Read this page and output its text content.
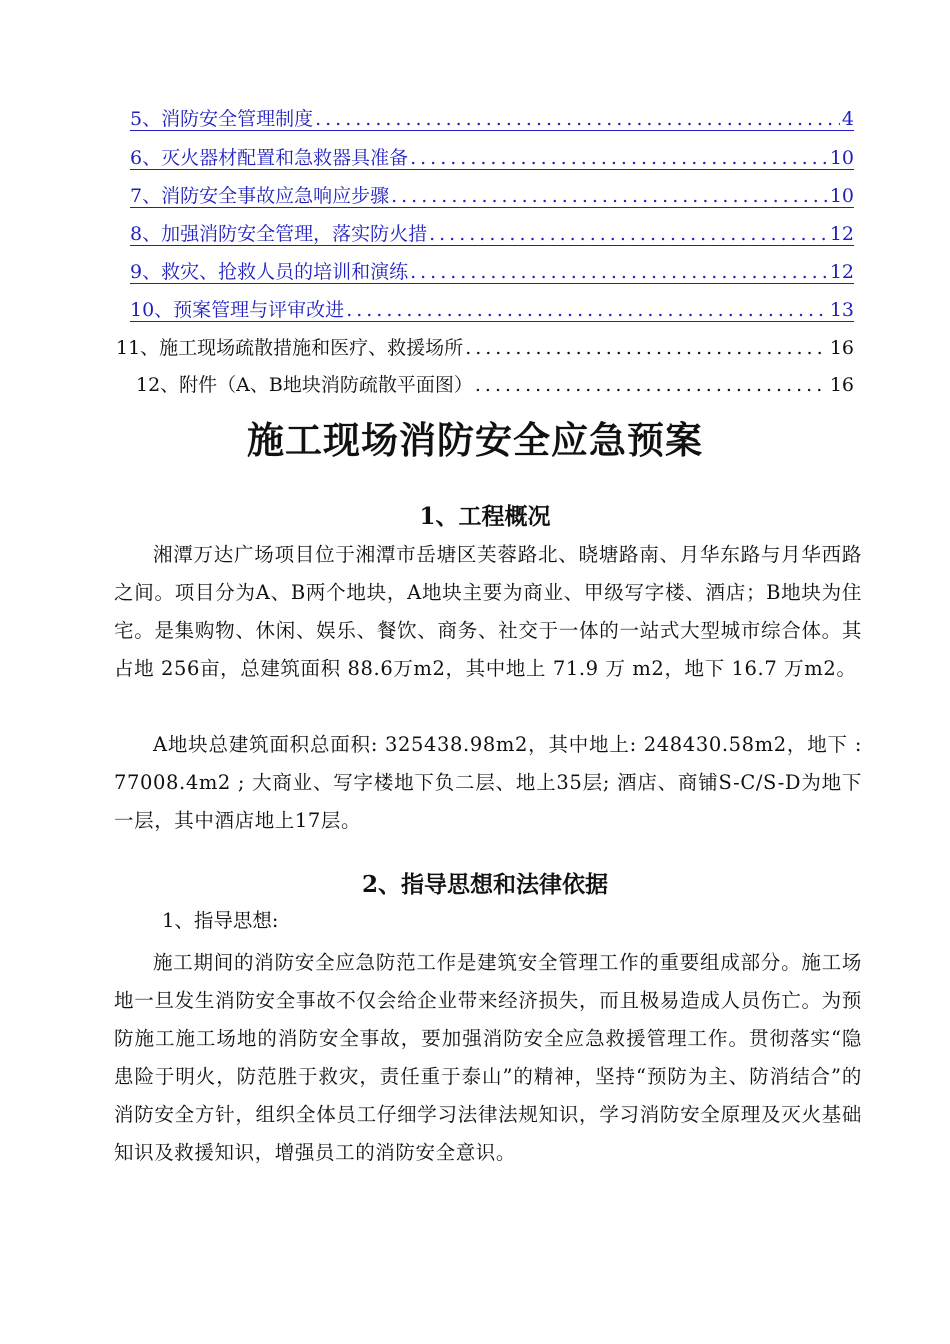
5、消防安全管理制度 .....	4
6、灭火器材配置和急救器具准备 .....	10
7、消防安全事故应急响应步骤 .....	10
8、加强消防安全管理，落实防火措 .....	12
9、救灾、抢救人员的培训和演练 .....	12
10、预案管理与评审改进 .....	13
11、施工现场疏散措施和医疗、救援场所 .....	16
12、附件（A、B地块消防疏散平面图） .....	16
施工现场消防安全应急预案
1、工程概况

湘潭万达广场项目位于湘潭市岳塘区芙蓉路北、晓塘路南、月华东路与月华西路之间。项目分为A、B两个地块，A地块主要为商业、甲级写字楼、酒店；B地块为住宅。是集购物、休闲、娱乐、餐饮、商务、社交于一体的一站式大型城市综合体。其占地 256亩，总建筑面积 88.6万m2，其中地上 71.9 万 m2，地下 16.7 万m2。

A地块总建筑面积总面积: 325438.98m2，其中地上: 248430.58m2，地下 : 77008.4m2 ; 大商业、写字楼地下负二层、地上35层; 酒店、商铺S-C/S-D为地下一层，其中酒店地上17层。

2、指导思想和法律依据
1、指导思想:

施工期间的消防安全应急防范工作是建筑安全管理工作的重要组成部分。施工场地一旦发生消防安全事故不仅会给企业带来经济损失，而且极易造成人员伤亡。为预防施工施工场地的消防安全事故，要加强消防安全应急救援管理工作。贯彻落实“隐患险于明火，防范胜于救灾，责任重于泰山”的精神，坚持“预防为主、防消结合”的消防安全方针，组织全体员工仔细学习法律法规知识，学习消防安全原理及灭火基础知识及救援知识，增强员工的消防安全意识。
